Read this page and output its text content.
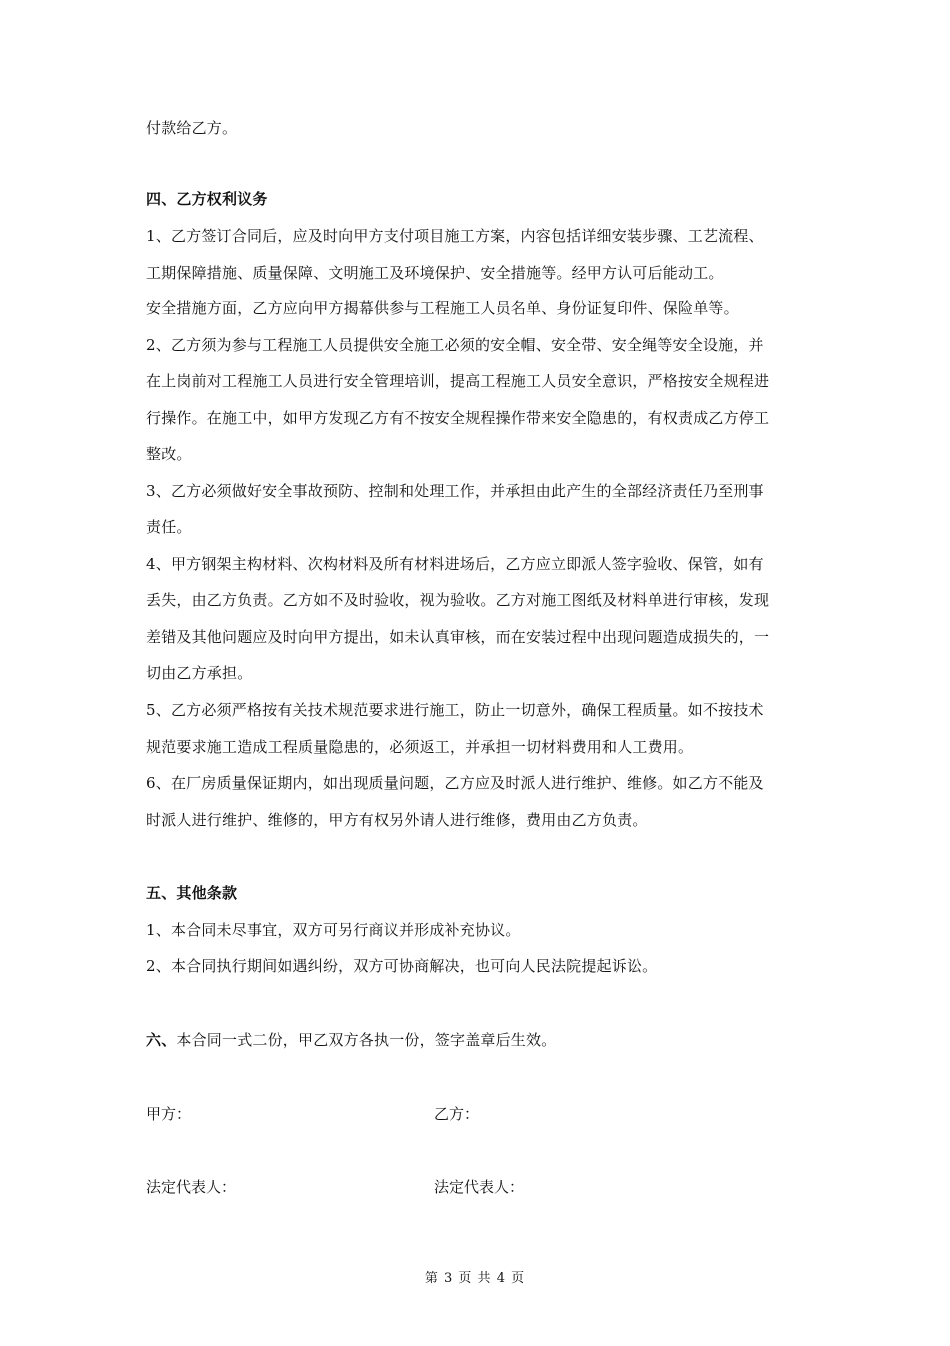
付款给乙方。
四、乙方权利议务
1、乙方签订合同后，应及时向甲方支付项目施工方案，内容包括详细安装步骤、工艺流程、
工期保障措施、质量保障、文明施工及环境保护、安全措施等。经甲方认可后能动工。
安全措施方面，乙方应向甲方揭幕供参与工程施工人员名单、身份证复印件、保险单等。
2、乙方须为参与工程施工人员提供安全施工必须的安全帽、安全带、安全绳等安全设施，并
在上岗前对工程施工人员进行安全管理培训，提高工程施工人员安全意识，严格按安全规程进
行操作。在施工中，如甲方发现乙方有不按安全规程操作带来安全隐患的，有权责成乙方停工
整改。
3、乙方必须做好安全事故预防、控制和处理工作，并承担由此产生的全部经济责任乃至刑事
责任。
4、甲方钢架主构材料、次构材料及所有材料进场后，乙方应立即派人签字验收、保管，如有
丢失，由乙方负责。乙方如不及时验收，视为验收。乙方对施工图纸及材料单进行审核，发现
差错及其他问题应及时向甲方提出，如未认真审核，而在安装过程中出现问题造成损失的，一
切由乙方承担。
5、乙方必须严格按有关技术规范要求进行施工，防止一切意外，确保工程质量。如不按技术
规范要求施工造成工程质量隐患的，必须返工，并承担一切材料费用和人工费用。
6、在厂房质量保证期内，如出现质量问题，乙方应及时派人进行维护、维修。如乙方不能及
时派人进行维护、维修的，甲方有权另外请人进行维修，费用由乙方负责。
五、其他条款
1、本合同未尽事宜，双方可另行商议并形成补充协议。
2、本合同执行期间如遇纠纷，双方可协商解决，也可向人民法院提起诉讼。
六、本合同一式二份，甲乙双方各执一份，签字盖章后生效。
甲方：	乙方：
法定代表人：	法定代表人：
第 3 页 共 4 页
